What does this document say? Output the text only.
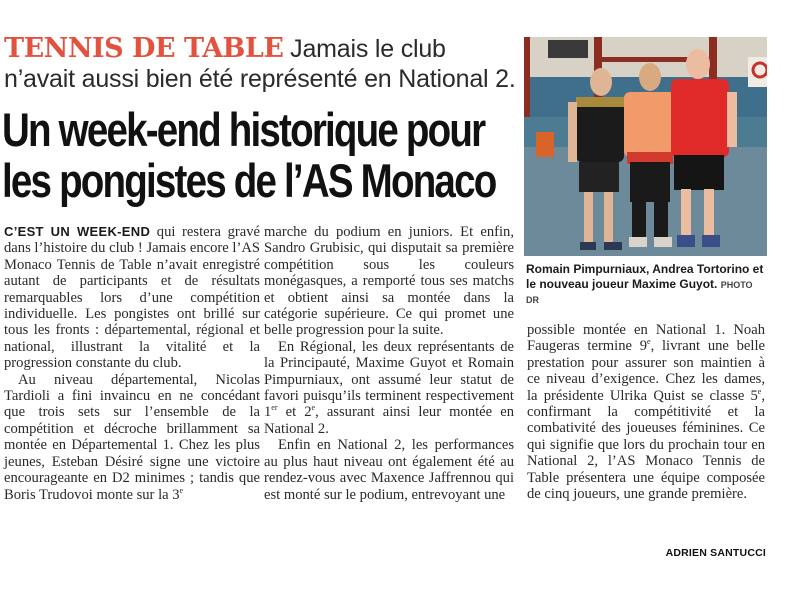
TENNIS DE TABLE Jamais le club n’avait aussi bien été représenté en National 2.
Un week-end historique pour les pongistes de l’AS Monaco

C’EST UN WEEK-END qui restera gravé dans l’histoire du club ! Jamais encore l’AS Monaco Tennis de Table n’avait enregistré autant de participants et de résultats remarquables lors d’une compétition individuelle. Les pongistes ont brillé sur tous les fronts : départemental, régional et national, illustrant la vitalité et la progression constante du club.

Au niveau départemental, Nicolas Tardioli a fini invaincu en ne concédant que trois sets sur l’ensemble de la compétition et décroche brillamment sa montée en Départemental 1. Chez les plus jeunes, Esteban Désiré signe une victoire encourageante en D2 minimes ; tandis que Boris Trudovoi monte sur la 3e

marche du podium en juniors. Et enfin, Sandro Grubisic, qui disputait sa première compétition sous les couleurs monégasques, a remporté tous ses matchs et obtient ainsi sa montée dans la catégorie supérieure. Ce qui promet une belle progression pour la suite.

En Régional, les deux représentants de la Principauté, Maxime Guyot et Romain Pimpurniaux, ont assumé leur statut de favori puisqu’ils terminent respectivement 1er et 2e, assurant ainsi leur montée en National 2.

Enfin en National 2, les performances au plus haut niveau ont également été au rendez-vous avec Maxence Jaffrennou qui est monté sur le podium, entrevoyant une

Romain Pimpurniaux, Andrea Tortorino et le nouveau joueur Maxime Guyot. PHOTO DR

possible montée en National 1. Noah Faugeras termine 9e, livrant une belle prestation pour assurer son maintien à ce niveau d’exigence. Chez les dames, la présidente Ulrika Quist se classe 5e, confirmant la compétitivité et la combativité des joueuses féminines. Ce qui signifie que lors du prochain tour en National 2, l’AS Monaco Tennis de Table présentera une équipe composée de cinq joueurs, une grande première.

ADRIEN SANTUCCI
